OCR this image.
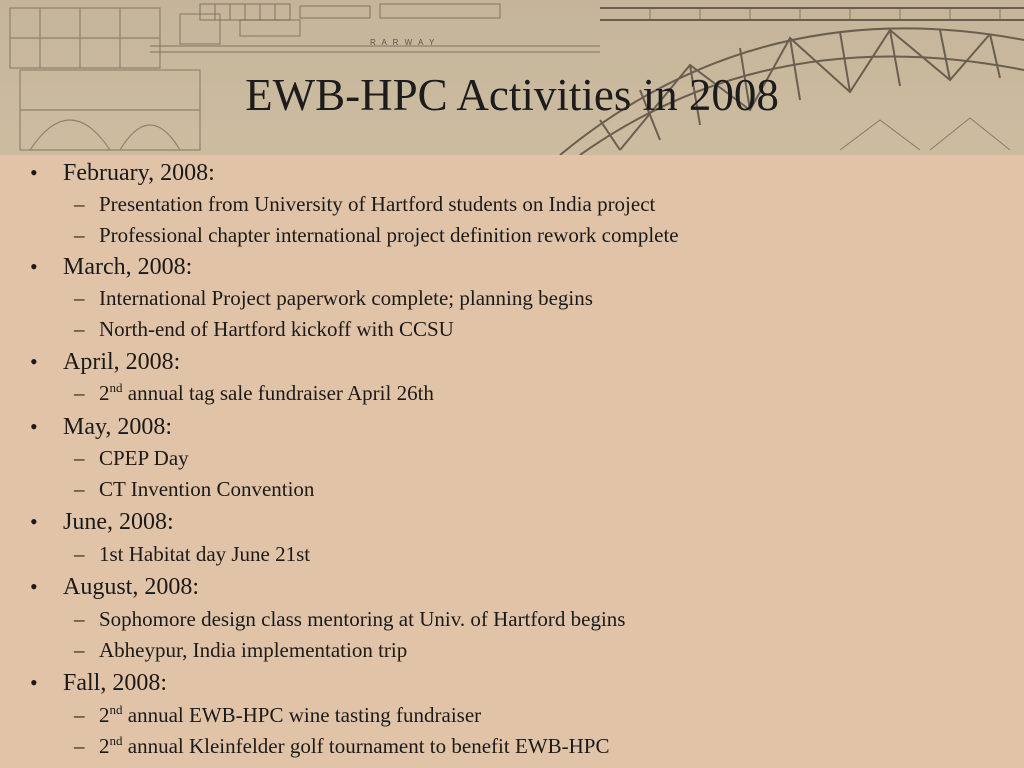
R A R W A Y
EWB-HPC Activities in 2008
• February, 2008:
– Presentation from University of Hartford students on India project
– Professional chapter international project definition rework complete
• March, 2008:
– International Project paperwork complete; planning begins
– North-end of Hartford kickoff with CCSU
• April, 2008:
– 2nd annual tag sale fundraiser April 26th
• May, 2008:
– CPEP Day
– CT Invention Convention
• June, 2008:
– 1st Habitat day June 21st
• August, 2008:
– Sophomore design class mentoring at Univ. of Hartford begins
– Abheypur, India implementation trip
• Fall, 2008:
– 2nd annual EWB-HPC wine tasting fundraiser
– 2nd annual Kleinfelder golf tournament to benefit EWB-HPC
